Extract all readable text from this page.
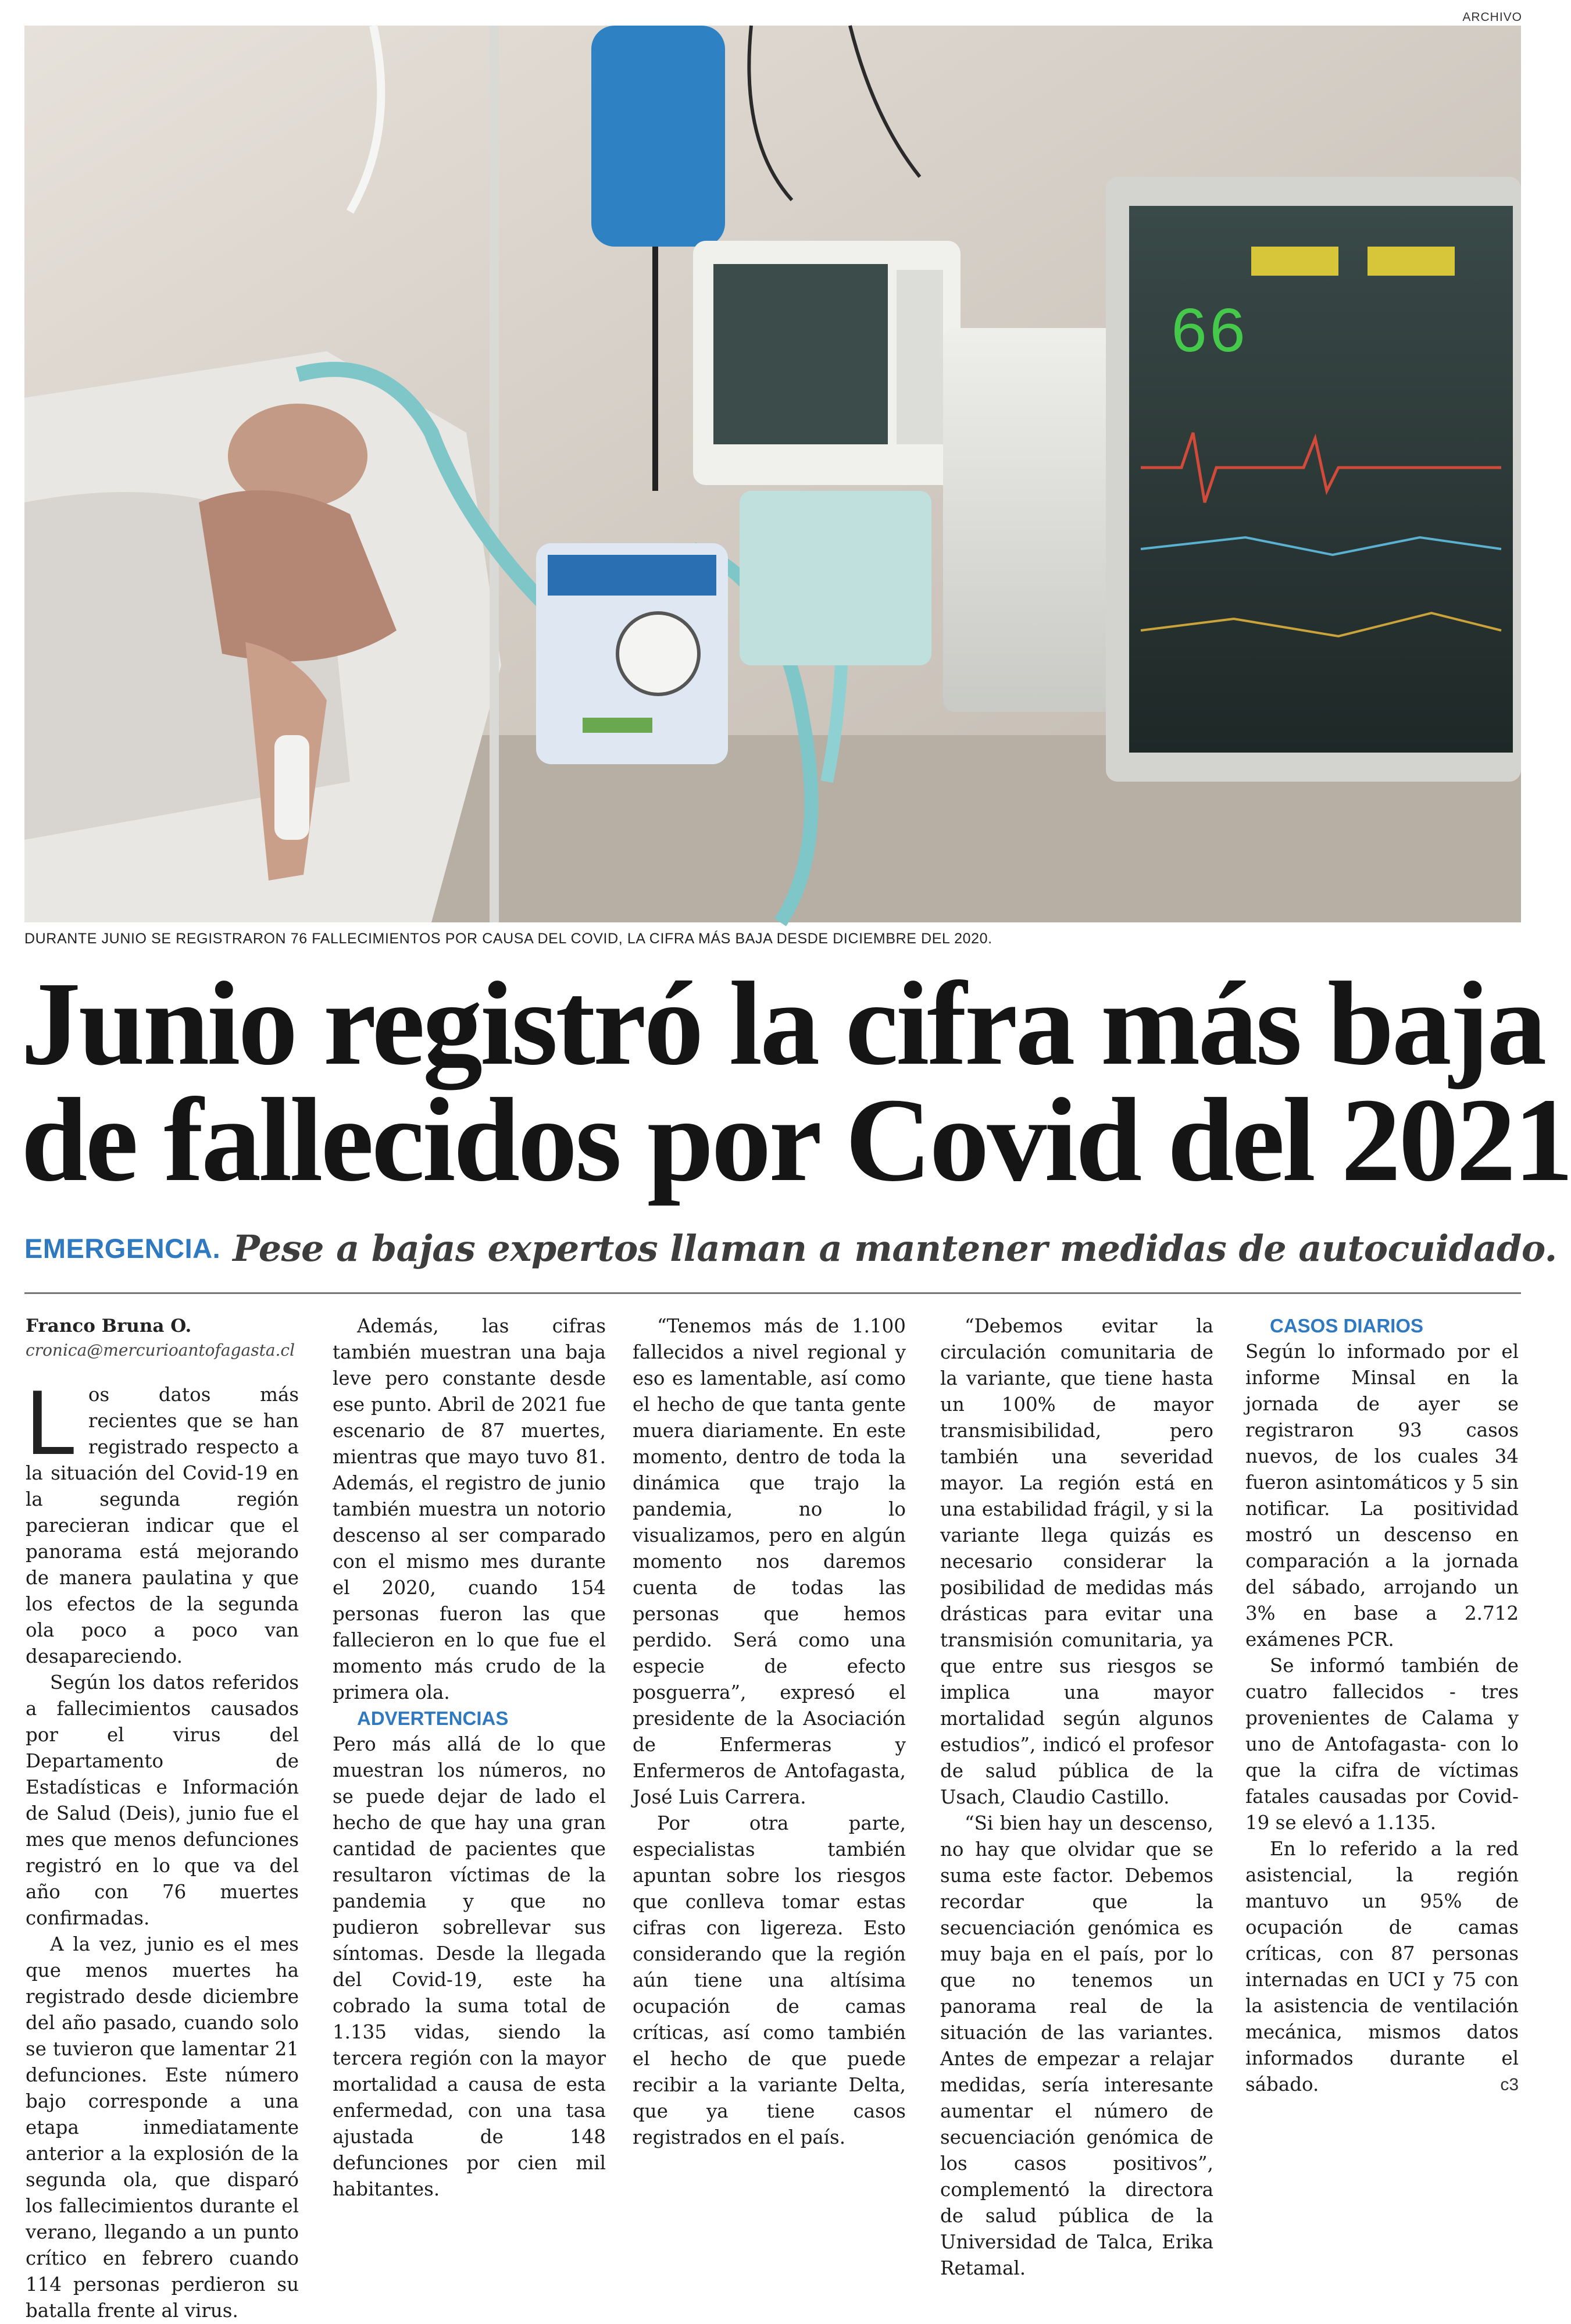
ARCHIVO
66
DURANTE JUNIO SE REGISTRARON 76 FALLECIMIENTOS POR CAUSA DEL COVID, LA CIFRA MÁS BAJA DESDE DICIEMBRE DEL 2020.
Junio registró la cifra más baja
de fallecidos por Covid del 2021
EMERGENCIA. Pese a bajas expertos llaman a mantener medidas de autocuidado.
Franco Bruna O.
cronica@mercurioantofagasta.cl

Los datos más recientes que se han registrado respecto a la situación del Covid-19 en la segunda región parecieran indicar que el panorama está mejorando de manera paulatina y que los efectos de la segunda ola poco a poco van desapareciendo.

Según los datos referidos a fallecimientos causados por el virus del Departamento de Estadísticas e Información de Salud (Deis), junio fue el mes que menos defunciones registró en lo que va del año con 76 muertes confirmadas.

A la vez, junio es el mes que menos muertes ha registrado desde diciembre del año pasado, cuando solo se tuvieron que lamentar 21 defunciones. Este número bajo corresponde a una etapa inmediatamente anterior a la explosión de la segunda ola, que disparó los fallecimientos durante el verano, llegando a un punto crítico en febrero cuando 114 personas perdieron su batalla frente al virus.

Además, las cifras también muestran una baja leve pero constante desde ese punto. Abril de 2021 fue escenario de 87 muertes, mientras que mayo tuvo 81. Además, el registro de junio también muestra un notorio descenso al ser comparado con el mismo mes durante el 2020, cuando 154 personas fueron las que fallecieron en lo que fue el momento más crudo de la primera ola.

ADVERTENCIAS

Pero más allá de lo que muestran los números, no se puede dejar de lado el hecho de que hay una gran cantidad de pacientes que resultaron víctimas de la pandemia y que no pudieron sobrellevar sus síntomas. Desde la llegada del Covid-19, este ha cobrado la suma total de 1.135 vidas, siendo la tercera región con la mayor mortalidad a causa de esta enfermedad, con una tasa ajustada de 148 defunciones por cien mil habitantes.

“Tenemos más de 1.100 fallecidos a nivel regional y eso es lamentable, así como el hecho de que tanta gente muera diariamente. En este momento, dentro de toda la dinámica que trajo la pandemia, no lo visualizamos, pero en algún momento nos daremos cuenta de todas las personas que hemos perdido. Será como una especie de efecto posguerra”, expresó el presidente de la Asociación de Enfermeras y Enfermeros de Antofagasta, José Luis Carrera.

Por otra parte, especialistas también apuntan sobre los riesgos que conlleva tomar estas cifras con ligereza. Esto considerando que la región aún tiene una altísima ocupación de camas críticas, así como también el hecho de que puede recibir a la variante Delta, que ya tiene casos registrados en el país.

“Debemos evitar la circulación comunitaria de la variante, que tiene hasta un 100% de mayor transmisibilidad, pero también una severidad mayor. La región está en una estabilidad frágil, y si la variante llega quizás es necesario considerar la posibilidad de medidas más drásticas para evitar una transmisión comunitaria, ya que entre sus riesgos se implica una mayor mortalidad según algunos estudios”, indicó el profesor de salud pública de la Usach, Claudio Castillo.

“Si bien hay un descenso, no hay que olvidar que se suma este factor. Debemos recordar que la secuenciación genómica es muy baja en el país, por lo que no tenemos un panorama real de la situación de las variantes. Antes de empezar a relajar medidas, sería interesante aumentar el número de secuenciación genómica de los casos positivos”, complementó la directora de salud pública de la Universidad de Talca, Erika Retamal.

CASOS DIARIOS

Según lo informado por el informe Minsal en la jornada de ayer se registraron 93 casos nuevos, de los cuales 34 fueron asintomáticos y 5 sin notificar. La positividad mostró un descenso en comparación a la jornada del sábado, arrojando un 3% en base a 2.712 exámenes PCR.

Se informó también de cuatro fallecidos - tres provenientes de Calama y uno de Antofagasta- con lo que la cifra de víctimas fatales causadas por Covid-19 se elevó a 1.135.

En lo referido a la red asistencial, la región mantuvo un 95% de ocupación de camas críticas, con 87 personas internadas en UCI y 75 con la asistencia de ventilación mecánica, mismos datos informados durante el sábado.	c3
